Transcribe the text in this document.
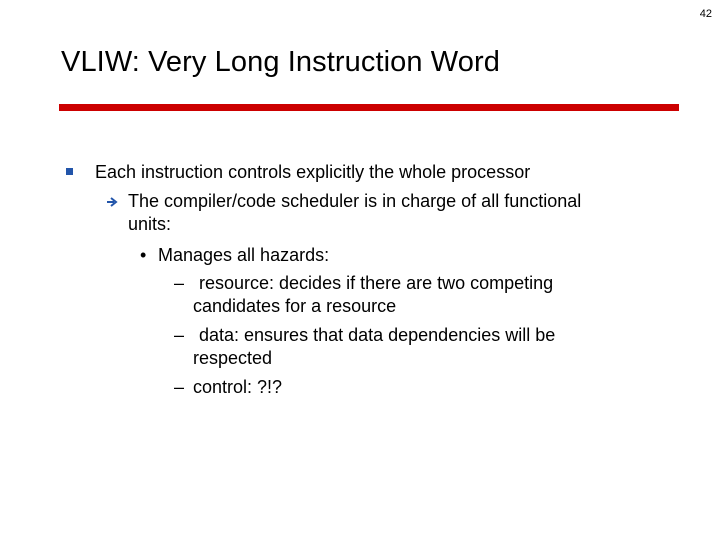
42
VLIW: Very Long Instruction Word
Each instruction controls explicitly the whole processor
The compiler/code scheduler is in charge of all functional
units:
• Manages all hazards:
– resource: decides if there are two competing
candidates for a resource
– data: ensures that data dependencies will be
respected
– control: ?!?
